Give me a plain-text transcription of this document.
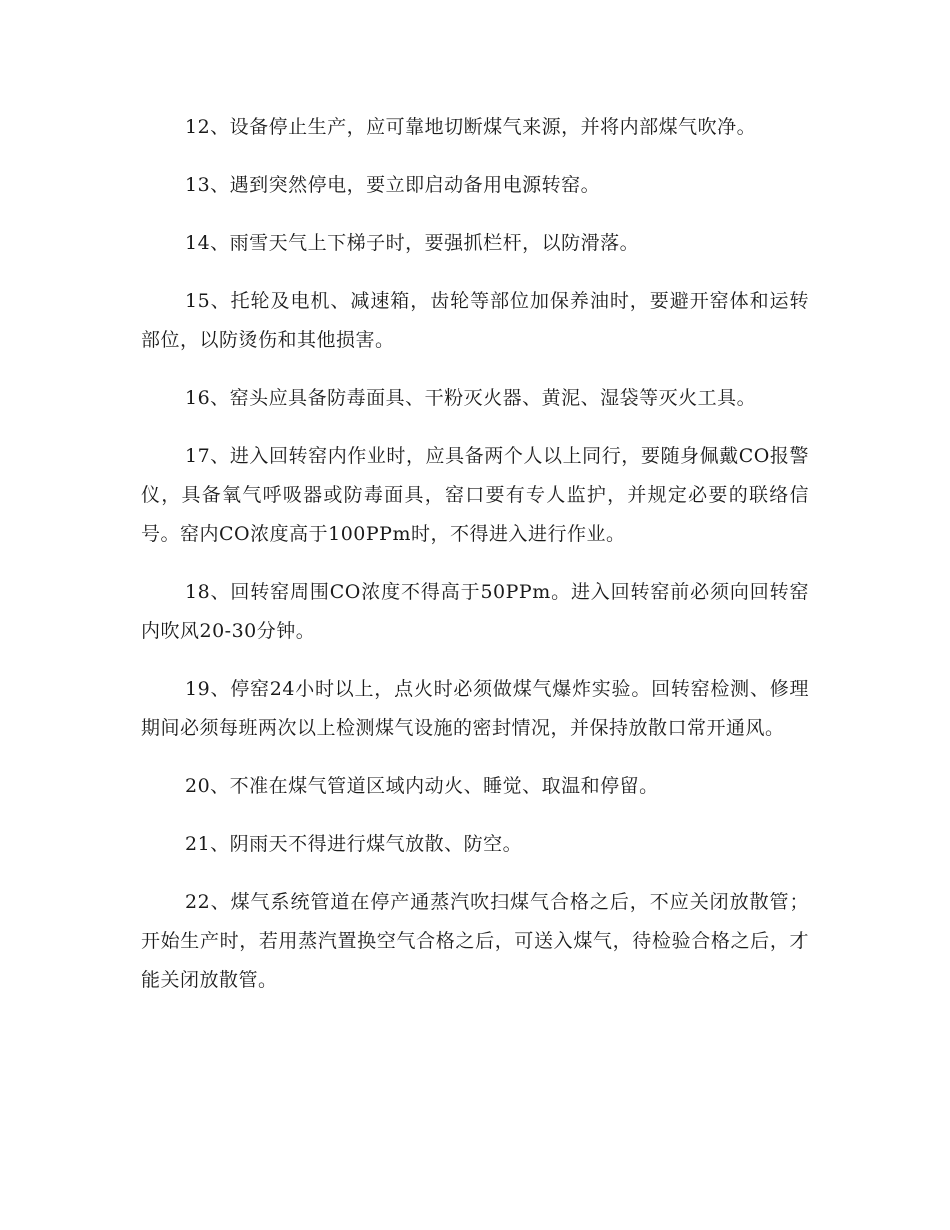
12、设备停止生产，应可靠地切断煤气来源，并将内部煤气吹净。

13、遇到突然停电，要立即启动备用电源转窑。

14、雨雪天气上下梯子时，要强抓栏杆，以防滑落。

15、托轮及电机、减速箱，齿轮等部位加保养油时，要避开窑体和运转部位，以防烫伤和其他损害。

16、窑头应具备防毒面具、干粉灭火器、黄泥、湿袋等灭火工具。

17、进入回转窑内作业时，应具备两个人以上同行，要随身佩戴CO报警仪，具备氧气呼吸器或防毒面具，窑口要有专人监护，并规定必要的联络信号。窑内CO浓度高于100PPm时，不得进入进行作业。

18、回转窑周围CO浓度不得高于50PPm。进入回转窑前必须向回转窑内吹风20-30分钟。

19、停窑24小时以上，点火时必须做煤气爆炸实验。回转窑检测、修理期间必须每班两次以上检测煤气设施的密封情况，并保持放散口常开通风。

20、不准在煤气管道区域内动火、睡觉、取温和停留。

21、阴雨天不得进行煤气放散、防空。

22、煤气系统管道在停产通蒸汽吹扫煤气合格之后，不应关闭放散管；开始生产时，若用蒸汽置换空气合格之后，可送入煤气，待检验合格之后，才能关闭放散管。
